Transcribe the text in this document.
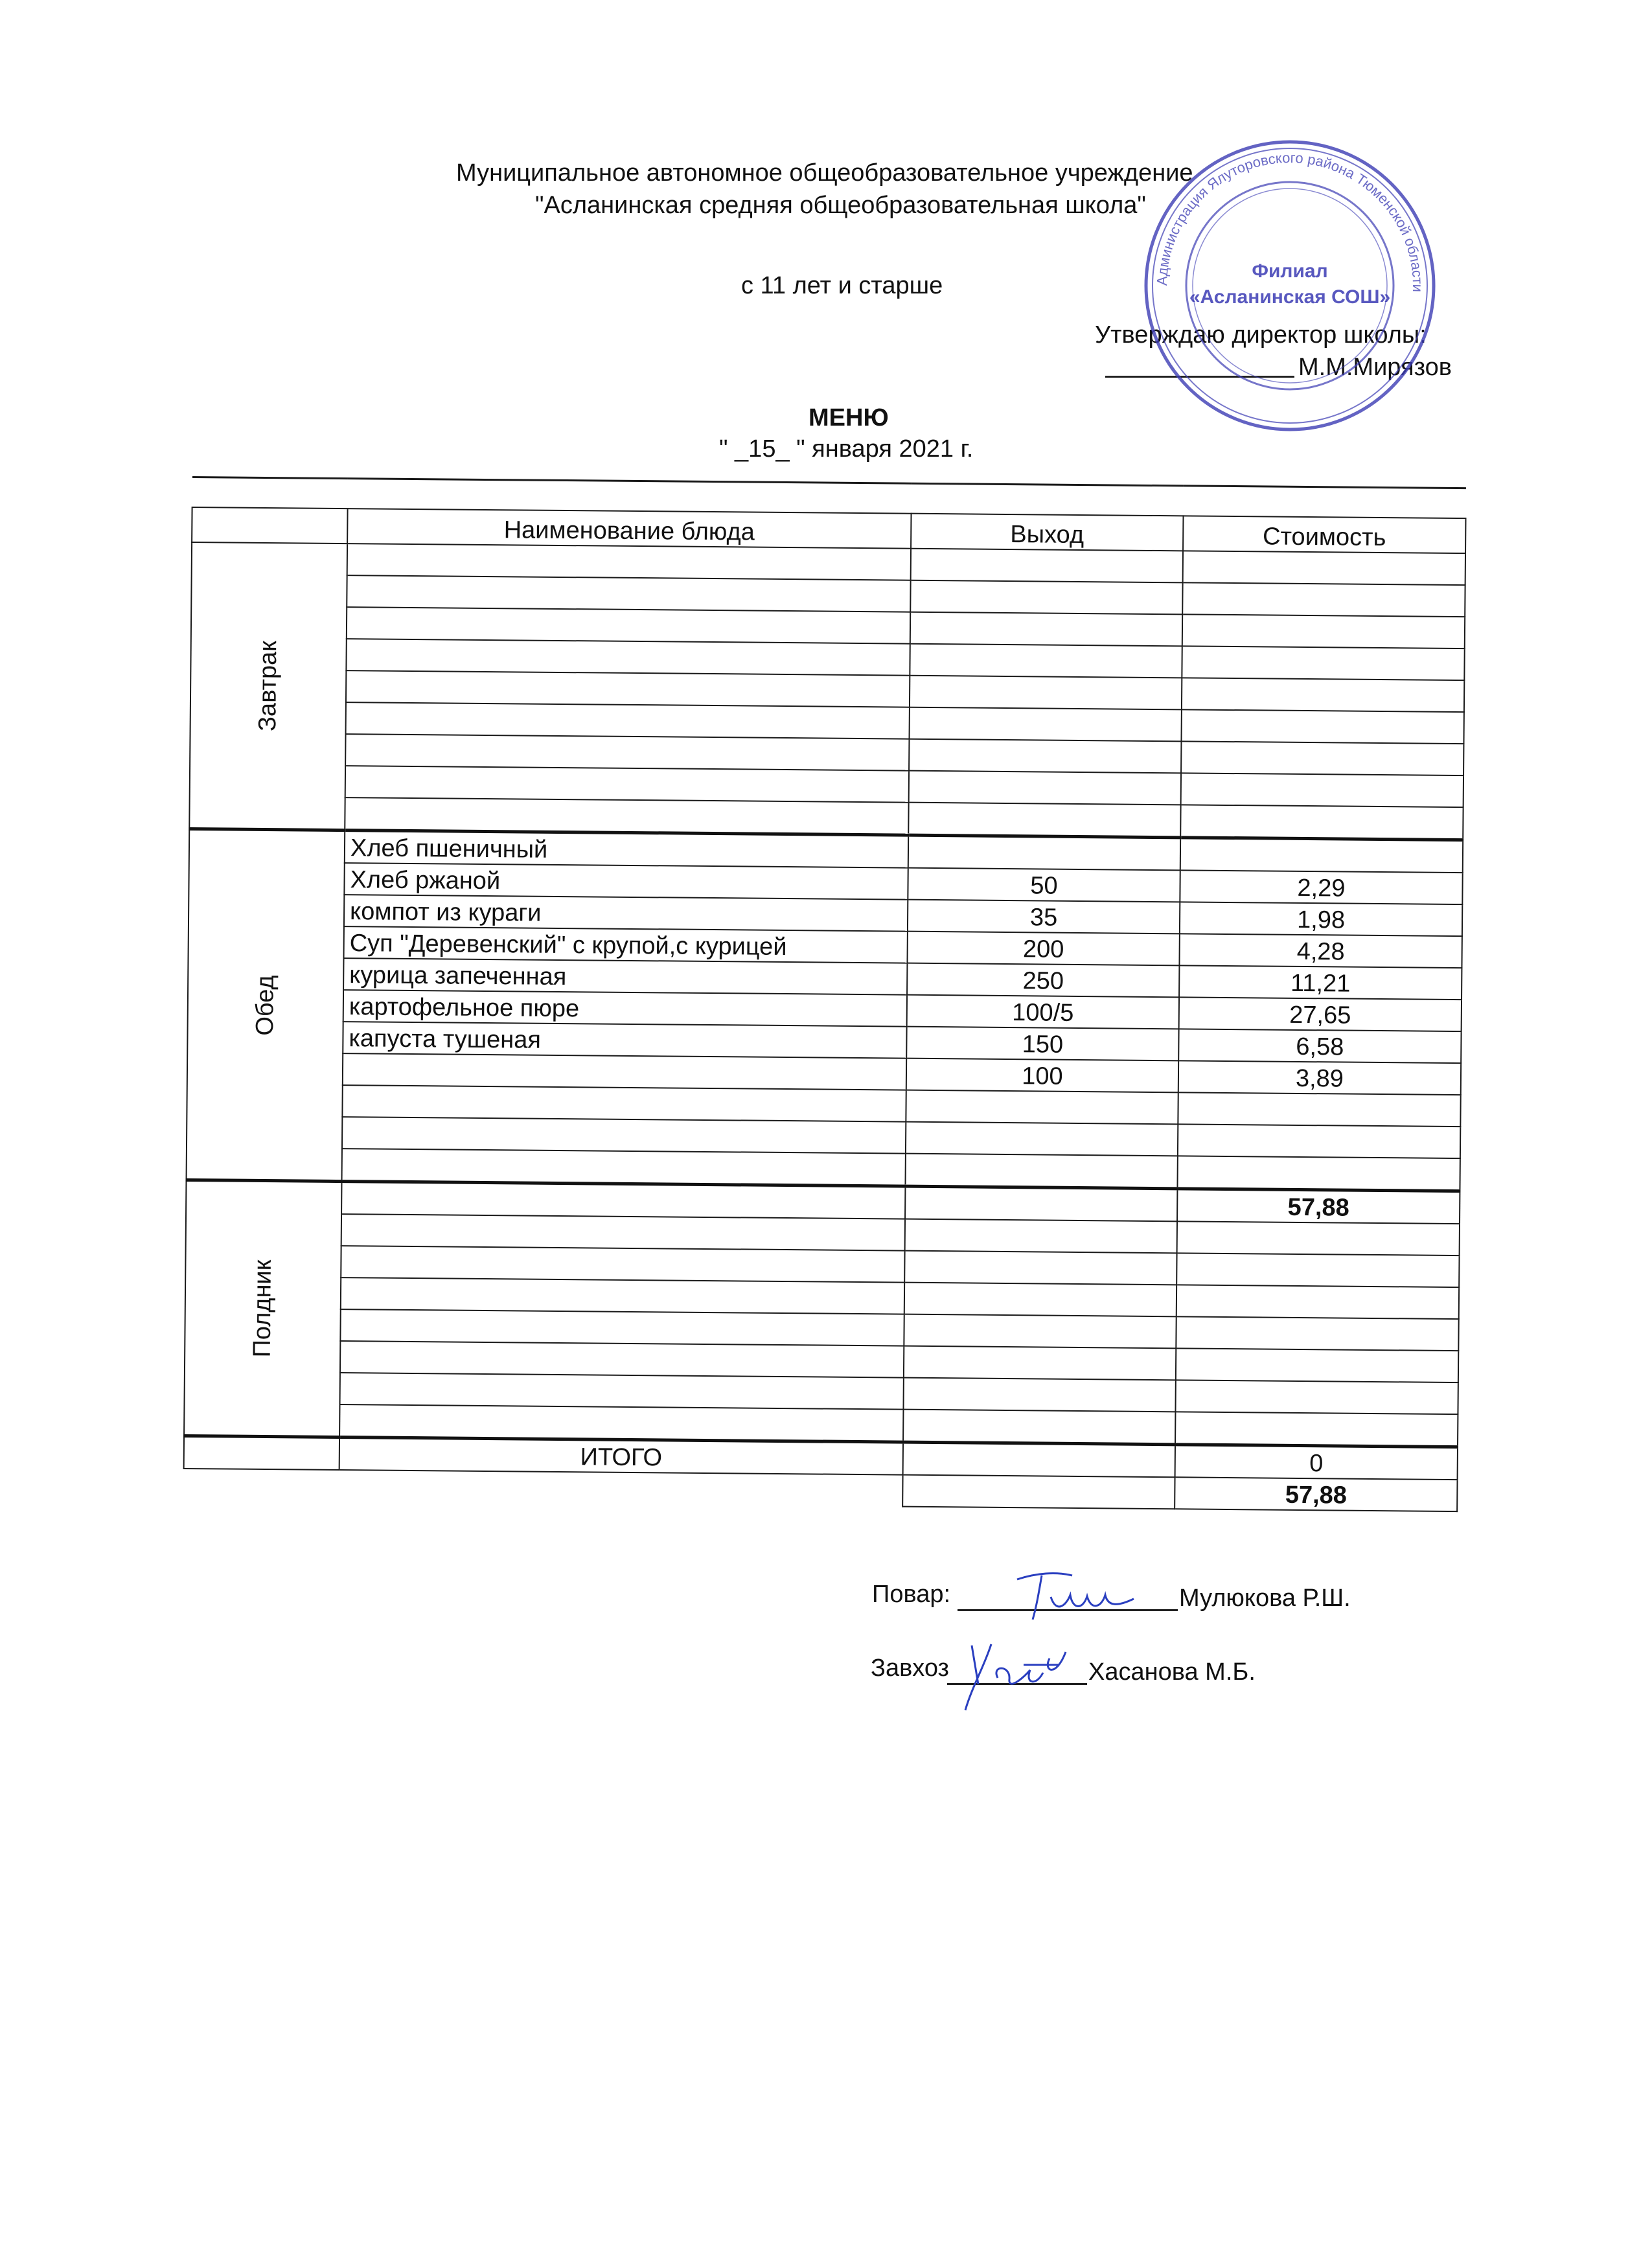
Муниципальное автономное общеобразовательное учреждение
"Асланинская средняя общеобразовательная школа"
с 11 лет и старше
Утверждаю директор школы:
М.М.Мирязов
МЕНЮ
" _15_ " января 2021 г.
Администрация Ялуторовского района Тюменской области
Филиал
«Асланинская СОШ»

	Наименование блюда	Выход	Стоимость

Завтрак			

Обед	Хлеб пшеничный		
	Хлеб ржаной	50	2,29
	компот из кураги	35	1,98
	Суп "Деревенский" с крупой,с курицей	200	4,28
	курица запеченная	250	11,21
	картофельное пюре	100/5	27,65
	капуста тушеная	150	6,58
		100	3,89

Полдник			57,88

	ИТОГО		0
			57,88
Повар:	Мулюкова Р.Ш.
Завхоз	Хасанова М.Б.
